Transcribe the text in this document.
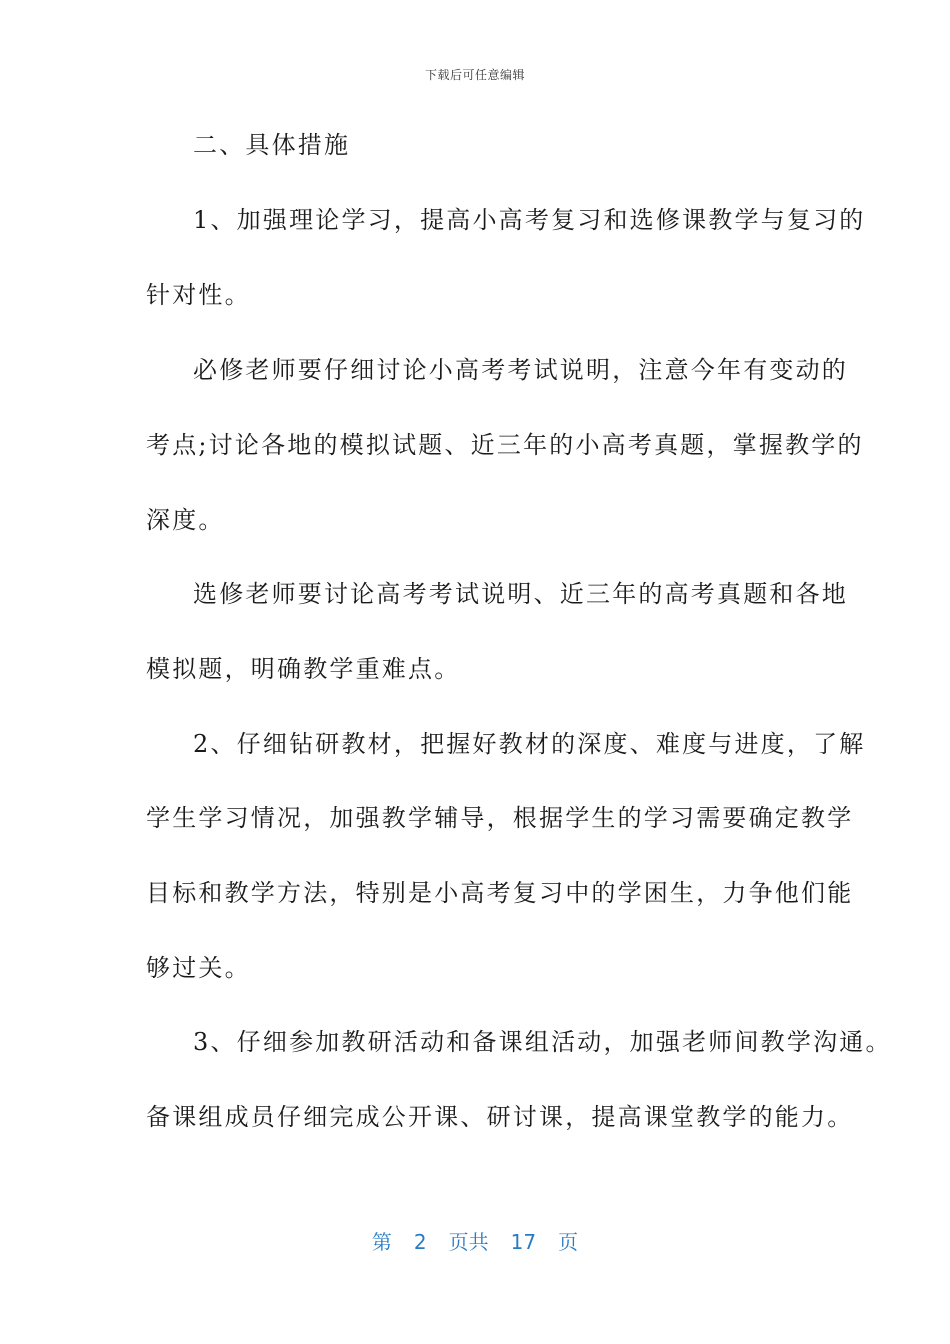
下载后可任意编辑
二、具体措施
1、加强理论学习，提高小高考复习和选修课教学与复习的
针对性。
必修老师要仔细讨论小高考考试说明，注意今年有变动的
考点;讨论各地的模拟试题、近三年的小高考真题，掌握教学的
深度。
选修老师要讨论高考考试说明、近三年的高考真题和各地
模拟题，明确教学重难点。
2、仔细钻研教材，把握好教材的深度、难度与进度，了解
学生学习情况，加强教学辅导，根据学生的学习需要确定教学
目标和教学方法，特别是小高考复习中的学困生，力争他们能
够过关。
3、仔细参加教研活动和备课组活动，加强老师间教学沟通。
备课组成员仔细完成公开课、研讨课，提高课堂教学的能力。
第 2 页共 17 页
